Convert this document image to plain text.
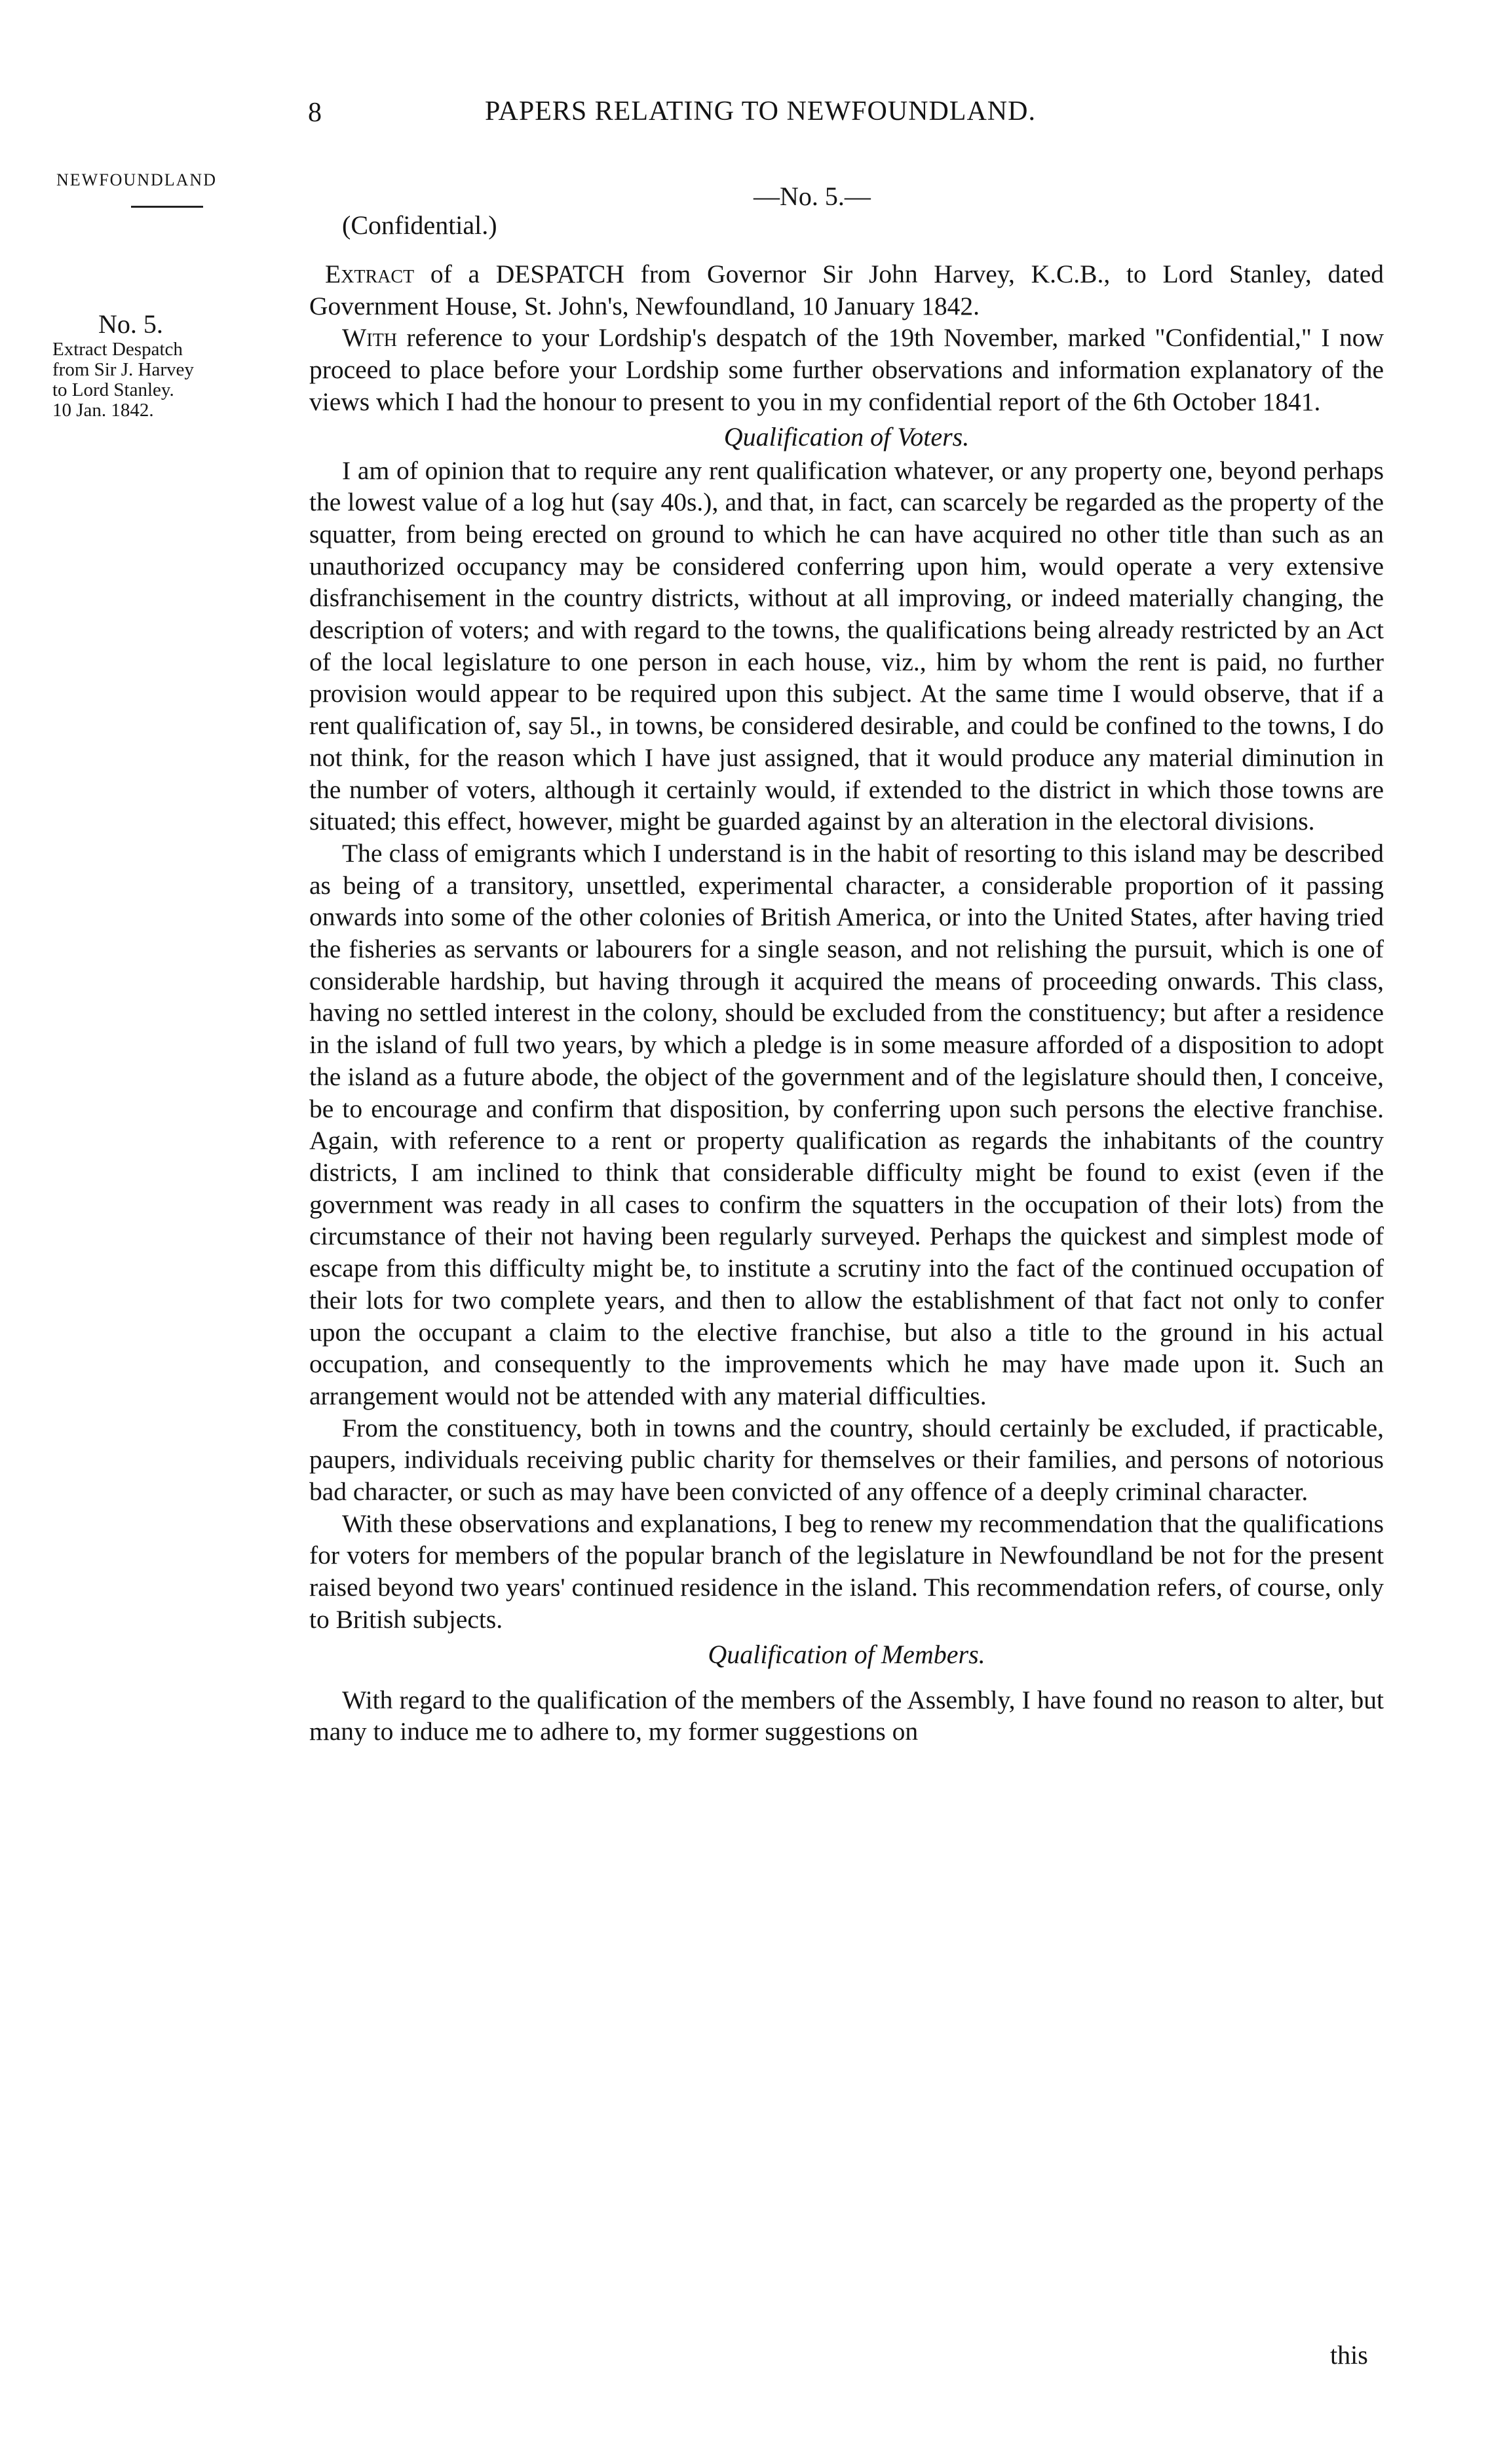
8	PAPERS RELATING TO NEWFOUNDLAND.
NEWFOUNDLAND
No. 5.
Extract Despatch
from Sir J. Harvey
to Lord Stanley.
10 Jan. 1842.
—No. 5.—
(Confidential.)

Extract of a DESPATCH from Governor Sir John Harvey, K.C.B., to Lord Stanley, dated Government House, St. John's, Newfoundland, 10 January 1842.

With reference to your Lordship's despatch of the 19th November, marked "Confidential," I now proceed to place before your Lordship some further observations and information explanatory of the views which I had the honour to present to you in my confidential report of the 6th October 1841.

Qualification of Voters.

I am of opinion that to require any rent qualification whatever, or any property one, beyond perhaps the lowest value of a log hut (say 40s.), and that, in fact, can scarcely be regarded as the property of the squatter, from being erected on ground to which he can have acquired no other title than such as an unauthorized occupancy may be considered conferring upon him, would operate a very extensive disfranchisement in the country districts, without at all improving, or indeed materially changing, the description of voters; and with regard to the towns, the qualifications being already restricted by an Act of the local legislature to one person in each house, viz., him by whom the rent is paid, no further provision would appear to be required upon this subject. At the same time I would observe, that if a rent qualification of, say 5l., in towns, be considered desirable, and could be confined to the towns, I do not think, for the reason which I have just assigned, that it would produce any material diminution in the number of voters, although it certainly would, if extended to the district in which those towns are situated; this effect, however, might be guarded against by an alteration in the electoral divisions.

The class of emigrants which I understand is in the habit of resorting to this island may be described as being of a transitory, unsettled, experimental character, a considerable proportion of it passing onwards into some of the other colonies of British America, or into the United States, after having tried the fisheries as servants or labourers for a single season, and not relishing the pursuit, which is one of considerable hardship, but having through it acquired the means of proceeding onwards. This class, having no settled interest in the colony, should be excluded from the constituency; but after a residence in the island of full two years, by which a pledge is in some measure afforded of a disposition to adopt the island as a future abode, the object of the government and of the legislature should then, I conceive, be to encourage and confirm that disposition, by conferring upon such persons the elective franchise. Again, with reference to a rent or property qualification as regards the inhabitants of the country districts, I am inclined to think that considerable difficulty might be found to exist (even if the government was ready in all cases to confirm the squatters in the occupation of their lots) from the circumstance of their not having been regularly surveyed. Perhaps the quickest and simplest mode of escape from this difficulty might be, to institute a scrutiny into the fact of the continued occupation of their lots for two complete years, and then to allow the establishment of that fact not only to confer upon the occupant a claim to the elective franchise, but also a title to the ground in his actual occupation, and consequently to the improvements which he may have made upon it. Such an arrangement would not be attended with any material difficulties.

From the constituency, both in towns and the country, should certainly be excluded, if practicable, paupers, individuals receiving public charity for themselves or their families, and persons of notorious bad character, or such as may have been convicted of any offence of a deeply criminal character.

With these observations and explanations, I beg to renew my recommendation that the qualifications for voters for members of the popular branch of the legislature in Newfoundland be not for the present raised beyond two years' continued residence in the island. This recommendation refers, of course, only to British subjects.

Qualification of Members.

With regard to the qualification of the members of the Assembly, I have found no reason to alter, but many to induce me to adhere to, my former suggestions on

this
